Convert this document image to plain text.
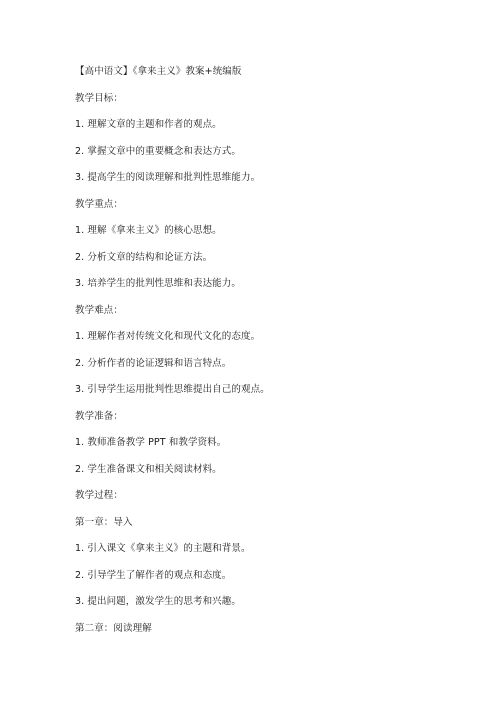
【高中语文】《拿来主义》教案+统编版
教学目标：
1. 理解文章的主题和作者的观点。
2. 掌握文章中的重要概念和表达方式。
3. 提高学生的阅读理解和批判性思维能力。
教学重点：
1. 理解《拿来主义》的核心思想。
2. 分析文章的结构和论证方法。
3. 培养学生的批判性思维和表达能力。
教学难点：
1. 理解作者对传统文化和现代文化的态度。
2. 分析作者的论证逻辑和语言特点。
3. 引导学生运用批判性思维提出自己的观点。
教学准备：
1. 教师准备教学 PPT 和教学资料。
2. 学生准备课文和相关阅读材料。
教学过程：
第一章：导入
1. 引入课文《拿来主义》的主题和背景。
2. 引导学生了解作者的观点和态度。
3. 提出问题，激发学生的思考和兴趣。
第二章：阅读理解
